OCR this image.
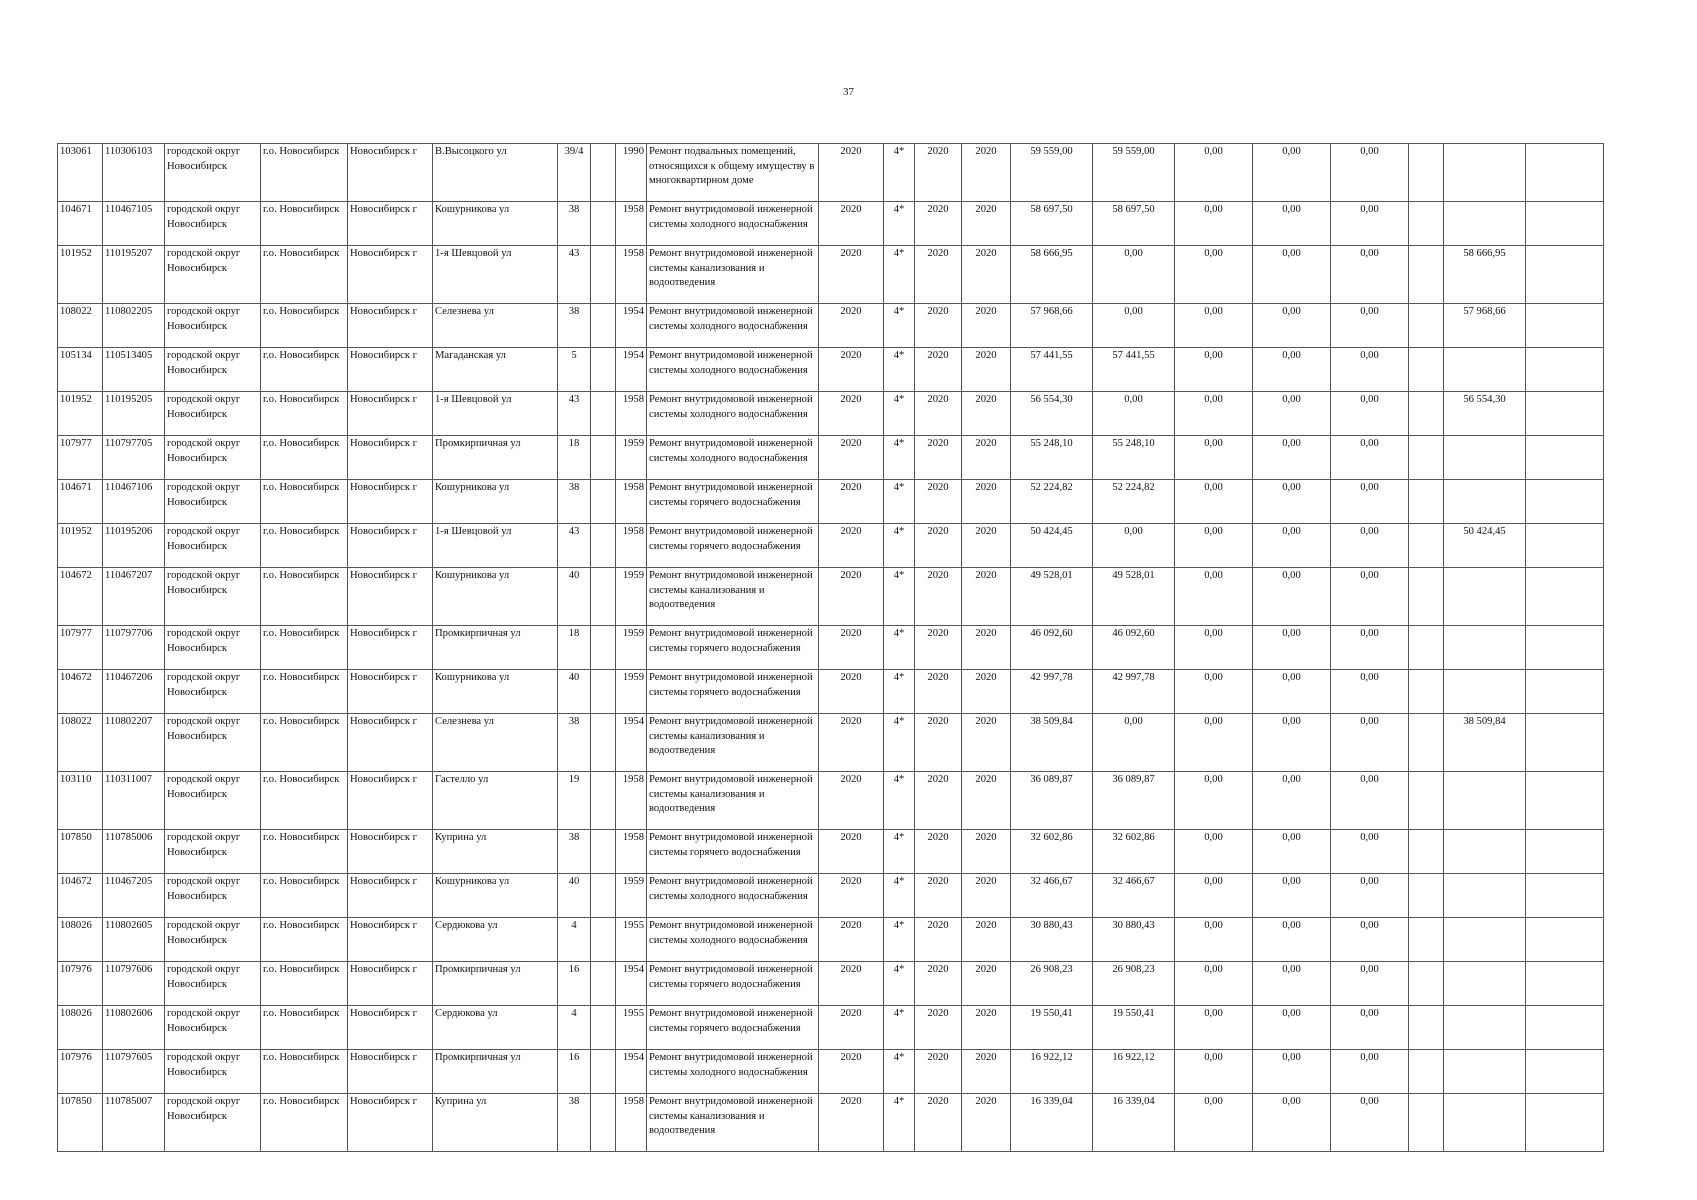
37
103061	110306103	городской округ Новосибирск	г.о. Новосибирск	Новосибирск г	В.Высоцкого ул	39/4		1990	Ремонт подвальных помещений, относящихся к общему имуществу в многоквартирном доме	2020	4*	2020	2020	59 559,00	59 559,00	0,00	0,00	0,00			
104671	110467105	городской округ Новосибирск	г.о. Новосибирск	Новосибирск г	Кошурникова ул	38		1958	Ремонт внутридомовой инженерной системы холодного водоснабжения	2020	4*	2020	2020	58 697,50	58 697,50	0,00	0,00	0,00			
101952	110195207	городской округ Новосибирск	г.о. Новосибирск	Новосибирск г	1-я Шевцовой ул	43		1958	Ремонт внутридомовой инженерной системы канализования и водоотведения	2020	4*	2020	2020	58 666,95	0,00	0,00	0,00	0,00		58 666,95	
108022	110802205	городской округ Новосибирск	г.о. Новосибирск	Новосибирск г	Селезнева ул	38		1954	Ремонт внутридомовой инженерной системы холодного водоснабжения	2020	4*	2020	2020	57 968,66	0,00	0,00	0,00	0,00		57 968,66	
105134	110513405	городской округ Новосибирск	г.о. Новосибирск	Новосибирск г	Магаданская ул	5		1954	Ремонт внутридомовой инженерной системы холодного водоснабжения	2020	4*	2020	2020	57 441,55	57 441,55	0,00	0,00	0,00			
101952	110195205	городской округ Новосибирск	г.о. Новосибирск	Новосибирск г	1-я Шевцовой ул	43		1958	Ремонт внутридомовой инженерной системы холодного водоснабжения	2020	4*	2020	2020	56 554,30	0,00	0,00	0,00	0,00		56 554,30	
107977	110797705	городской округ Новосибирск	г.о. Новосибирск	Новосибирск г	Промкирпичная ул	18		1959	Ремонт внутридомовой инженерной системы холодного водоснабжения	2020	4*	2020	2020	55 248,10	55 248,10	0,00	0,00	0,00			
104671	110467106	городской округ Новосибирск	г.о. Новосибирск	Новосибирск г	Кошурникова ул	38		1958	Ремонт внутридомовой инженерной системы горячего водоснабжения	2020	4*	2020	2020	52 224,82	52 224,82	0,00	0,00	0,00			
101952	110195206	городской округ Новосибирск	г.о. Новосибирск	Новосибирск г	1-я Шевцовой ул	43		1958	Ремонт внутридомовой инженерной системы горячего водоснабжения	2020	4*	2020	2020	50 424,45	0,00	0,00	0,00	0,00		50 424,45	
104672	110467207	городской округ Новосибирск	г.о. Новосибирск	Новосибирск г	Кошурникова ул	40		1959	Ремонт внутридомовой инженерной системы канализования и водоотведения	2020	4*	2020	2020	49 528,01	49 528,01	0,00	0,00	0,00			
107977	110797706	городской округ Новосибирск	г.о. Новосибирск	Новосибирск г	Промкирпичная ул	18		1959	Ремонт внутридомовой инженерной системы горячего водоснабжения	2020	4*	2020	2020	46 092,60	46 092,60	0,00	0,00	0,00			
104672	110467206	городской округ Новосибирск	г.о. Новосибирск	Новосибирск г	Кошурникова ул	40		1959	Ремонт внутридомовой инженерной системы горячего водоснабжения	2020	4*	2020	2020	42 997,78	42 997,78	0,00	0,00	0,00			
108022	110802207	городской округ Новосибирск	г.о. Новосибирск	Новосибирск г	Селезнева ул	38		1954	Ремонт внутридомовой инженерной системы канализования и водоотведения	2020	4*	2020	2020	38 509,84	0,00	0,00	0,00	0,00		38 509,84	
103110	110311007	городской округ Новосибирск	г.о. Новосибирск	Новосибирск г	Гастелло ул	19		1958	Ремонт внутридомовой инженерной системы канализования и водоотведения	2020	4*	2020	2020	36 089,87	36 089,87	0,00	0,00	0,00			
107850	110785006	городской округ Новосибирск	г.о. Новосибирск	Новосибирск г	Куприна ул	38		1958	Ремонт внутридомовой инженерной системы горячего водоснабжения	2020	4*	2020	2020	32 602,86	32 602,86	0,00	0,00	0,00			
104672	110467205	городской округ Новосибирск	г.о. Новосибирск	Новосибирск г	Кошурникова ул	40		1959	Ремонт внутридомовой инженерной системы холодного водоснабжения	2020	4*	2020	2020	32 466,67	32 466,67	0,00	0,00	0,00			
108026	110802605	городской округ Новосибирск	г.о. Новосибирск	Новосибирск г	Сердюкова ул	4		1955	Ремонт внутридомовой инженерной системы холодного водоснабжения	2020	4*	2020	2020	30 880,43	30 880,43	0,00	0,00	0,00			
107976	110797606	городской округ Новосибирск	г.о. Новосибирск	Новосибирск г	Промкирпичная ул	16		1954	Ремонт внутридомовой инженерной системы горячего водоснабжения	2020	4*	2020	2020	26 908,23	26 908,23	0,00	0,00	0,00			
108026	110802606	городской округ Новосибирск	г.о. Новосибирск	Новосибирск г	Сердюкова ул	4		1955	Ремонт внутридомовой инженерной системы горячего водоснабжения	2020	4*	2020	2020	19 550,41	19 550,41	0,00	0,00	0,00			
107976	110797605	городской округ Новосибирск	г.о. Новосибирск	Новосибирск г	Промкирпичная ул	16		1954	Ремонт внутридомовой инженерной системы холодного водоснабжения	2020	4*	2020	2020	16 922,12	16 922,12	0,00	0,00	0,00			
107850	110785007	городской округ Новосибирск	г.о. Новосибирск	Новосибирск г	Куприна ул	38		1958	Ремонт внутридомовой инженерной системы канализования и водоотведения	2020	4*	2020	2020	16 339,04	16 339,04	0,00	0,00	0,00			
